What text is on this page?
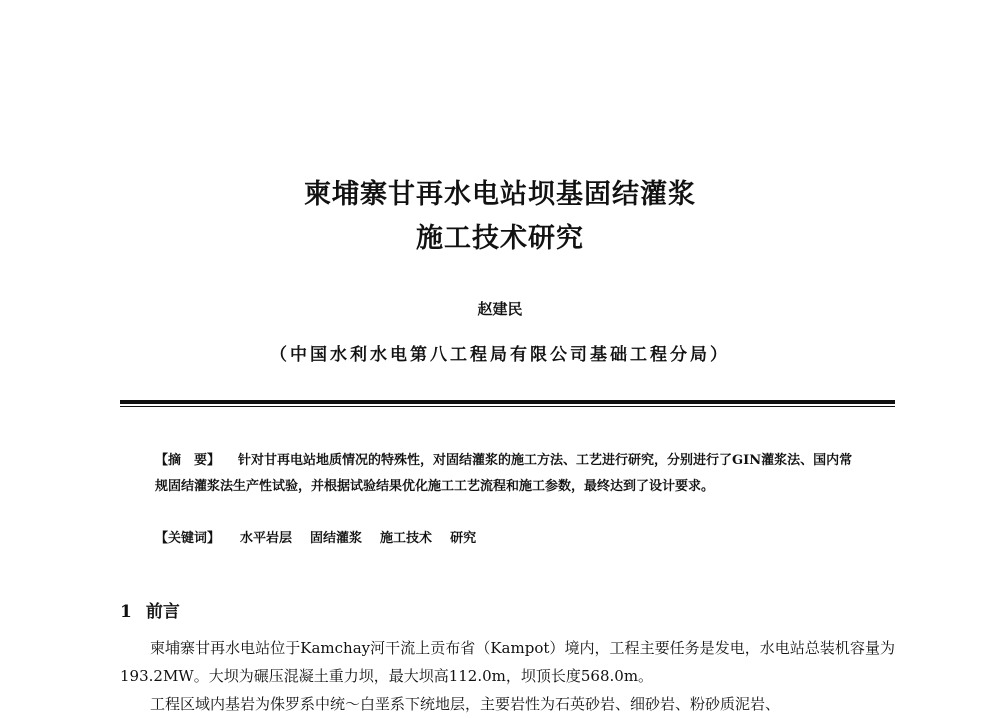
柬埔寨甘再水电站坝基固结灌浆
施工技术研究
赵建民
（中国水利水电第八工程局有限公司基础工程分局）
【摘　要】 针对甘再电站地质情况的特殊性，对固结灌浆的施工方法、工艺进行研究，分别进行了GIN灌浆法、国内常规固结灌浆法生产性试验，并根据试验结果优化施工工艺流程和施工参数，最终达到了设计要求。
【关键词】 水平岩层 固结灌浆 施工技术 研究
1 前言

柬埔寨甘再水电站位于Kamchay河干流上贡布省（Kampot）境内，工程主要任务是发电，水电站总装机容量为193.2MW。大坝为碾压混凝土重力坝，最大坝高112.0m，坝顶长度568.0m。

工程区域内基岩为侏罗系中统～白垩系下统地层，主要岩性为石英砂岩、细砂岩、粉砂质泥岩、
